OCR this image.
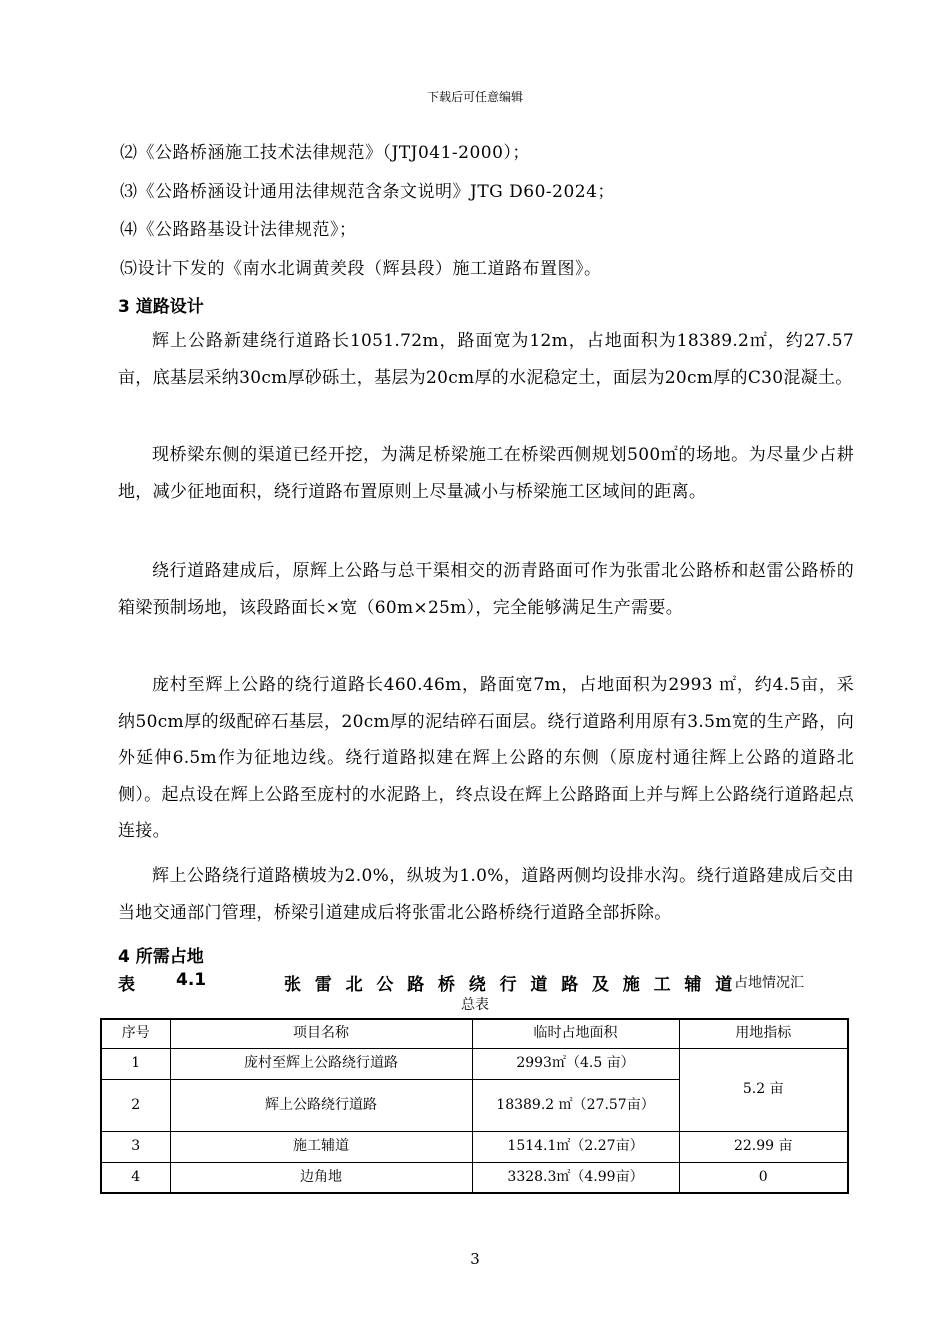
下载后可任意编辑
⑵《公路桥涵施工技术法律规范》（JTJ041-2000）；
⑶《公路桥涵设计通用法律规范含条文说明》JTG D60-2024；
⑷《公路路基设计法律规范》；
⑸设计下发的《南水北调黄羑段（辉县段）施工道路布置图》。
3 道路设计
辉上公路新建绕行道路长1051.72m，路面宽为12m，占地面积为18389.2㎡，约27.57亩，底基层采纳30cm厚砂砾土，基层为20cm厚的水泥稳定土，面层为20cm厚的C30混凝土。
现桥梁东侧的渠道已经开挖，为满足桥梁施工在桥梁西侧规划500㎡的场地。为尽量少占耕地，减少征地面积，绕行道路布置原则上尽量减小与桥梁施工区域间的距离。
绕行道路建成后，原辉上公路与总干渠相交的沥青路面可作为张雷北公路桥和赵雷公路桥的箱梁预制场地，该段路面长×宽（60m×25m），完全能够满足生产需要。
庞村至辉上公路的绕行道路长460.46m，路面宽7m，占地面积为2993 ㎡，约4.5亩，采纳50cm厚的级配碎石基层，20cm厚的泥结碎石面层。绕行道路利用原有3.5m宽的生产路，向外延伸6.5m作为征地边线。绕行道路拟建在辉上公路的东侧（原庞村通往辉上公路的道路北侧）。起点设在辉上公路至庞村的水泥路上，终点设在辉上公路路面上并与辉上公路绕行道路起点连接。
辉上公路绕行道路横坡为2.0%，纵坡为1.0%，道路两侧均设排水沟。绕行道路建成后交由当地交通部门管理，桥梁引道建成后将张雷北公路桥绕行道路全部拆除。
4 所需占地
表 4.1	张雷北公路桥绕行道路及施工辅道
占地情况汇
总表
序号	项目名称	临时占地面积	用地指标
1	庞村至辉上公路绕行道路	2993㎡（4.5 亩）	5.2 亩
2	辉上公路绕行道路	18389.2 ㎡（27.57亩）	
3	施工辅道	1514.1㎡（2.27亩）	22.99 亩
4	边角地	3328.3㎡（4.99亩）	0
3
